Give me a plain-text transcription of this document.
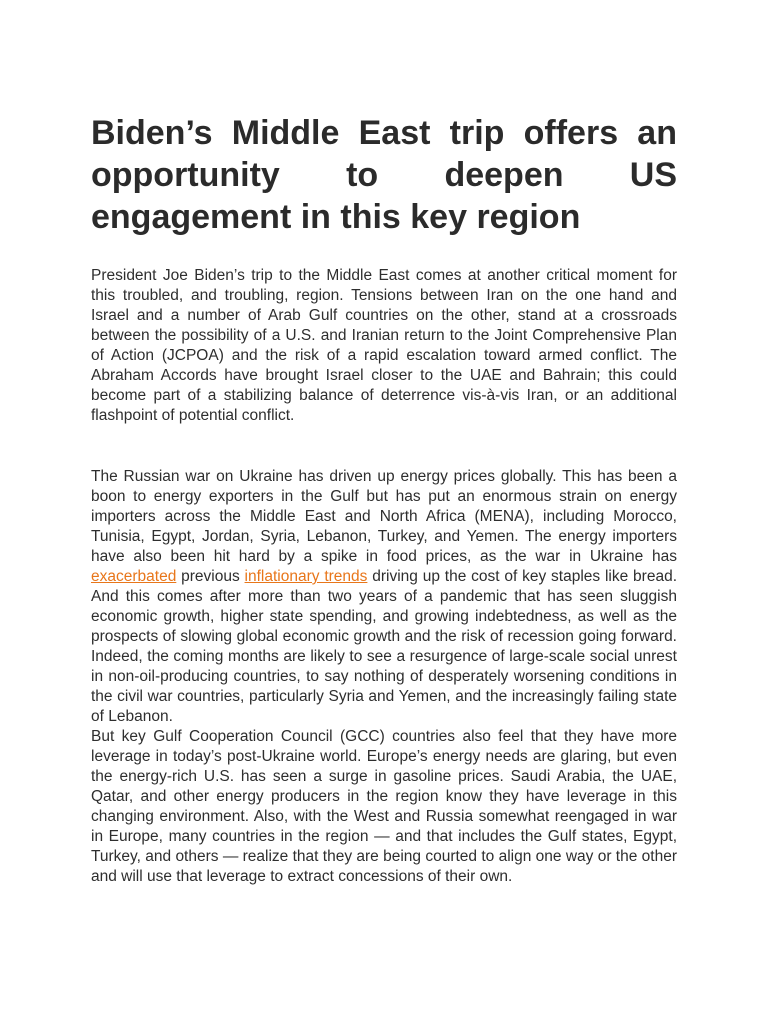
Biden’s Middle East trip offers an opportunity to deepen US engagement in this key region

President Joe Biden’s trip to the Middle East comes at another critical moment for this troubled, and troubling, region. Tensions between Iran on the one hand and Israel and a number of Arab Gulf countries on the other, stand at a crossroads between the possibility of a U.S. and Iranian return to the Joint Comprehensive Plan of Action (JCPOA) and the risk of a rapid escalation toward armed conflict. The Abraham Accords have brought Israel closer to the UAE and Bahrain; this could become part of a stabilizing balance of deterrence vis-à-vis Iran, or an additional flashpoint of potential conflict.

The Russian war on Ukraine has driven up energy prices globally. This has been a boon to energy exporters in the Gulf but has put an enormous strain on energy importers across the Middle East and North Africa (MENA), including Morocco, Tunisia, Egypt, Jordan, Syria, Lebanon, Turkey, and Yemen. The energy importers have also been hit hard by a spike in food prices, as the war in Ukraine has exacerbated previous inflationary trends driving up the cost of key staples like bread. And this comes after more than two years of a pandemic that has seen sluggish economic growth, higher state spending, and growing indebtedness, as well as the prospects of slowing global economic growth and the risk of recession going forward. Indeed, the coming months are likely to see a resurgence of large-scale social unrest in non-oil-producing countries, to say nothing of desperately worsening conditions in the civil war countries, particularly Syria and Yemen, and the increasingly failing state of Lebanon.

But key Gulf Cooperation Council (GCC) countries also feel that they have more leverage in today’s post-Ukraine world. Europe’s energy needs are glaring, but even the energy-rich U.S. has seen a surge in gasoline prices. Saudi Arabia, the UAE, Qatar, and other energy producers in the region know they have leverage in this changing environment. Also, with the West and Russia somewhat reengaged in war in Europe, many countries in the region — and that includes the Gulf states, Egypt, Turkey, and others — realize that they are being courted to align one way or the other and will use that leverage to extract concessions of their own.
